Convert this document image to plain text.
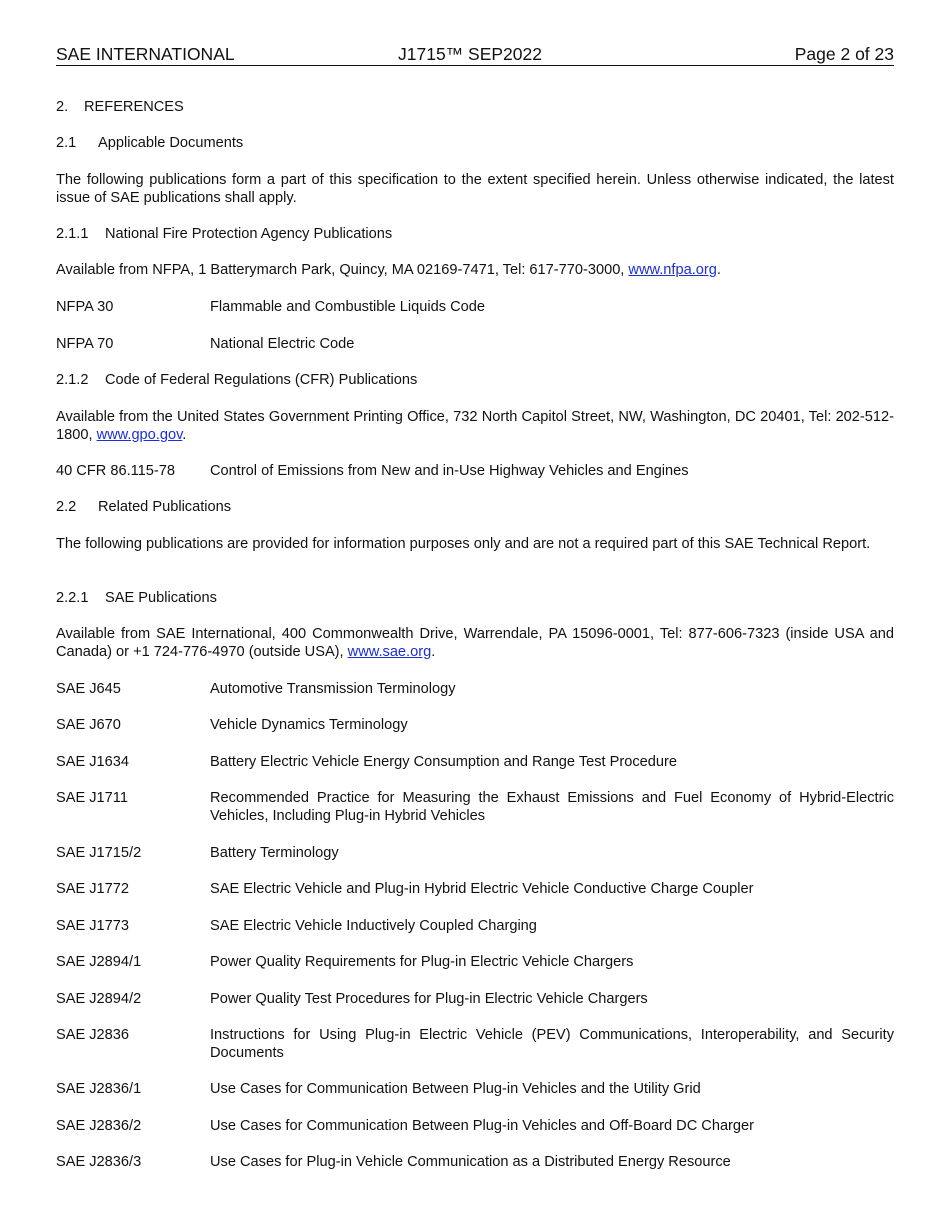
SAE INTERNATIONAL	J1715™ SEP2022	Page 2 of 23
2. REFERENCES
2.1 Applicable Documents
The following publications form a part of this specification to the extent specified herein. Unless otherwise indicated, the latest issue of SAE publications shall apply.
2.1.1 National Fire Protection Agency Publications
Available from NFPA, 1 Batterymarch Park, Quincy, MA 02169-7471, Tel: 617-770-3000, www.nfpa.org.
NFPA 30	Flammable and Combustible Liquids Code
NFPA 70	National Electric Code
2.1.2 Code of Federal Regulations (CFR) Publications
Available from the United States Government Printing Office, 732 North Capitol Street, NW, Washington, DC 20401, Tel: 202-512-1800, www.gpo.gov.
40 CFR 86.115-78	Control of Emissions from New and in-Use Highway Vehicles and Engines
2.2 Related Publications
The following publications are provided for information purposes only and are not a required part of this SAE Technical Report.
2.2.1 SAE Publications
Available from SAE International, 400 Commonwealth Drive, Warrendale, PA 15096-0001, Tel: 877-606-7323 (inside USA and Canada) or +1 724-776-4970 (outside USA), www.sae.org.
SAE J645	Automotive Transmission Terminology
SAE J670	Vehicle Dynamics Terminology
SAE J1634	Battery Electric Vehicle Energy Consumption and Range Test Procedure
SAE J1711	Recommended Practice for Measuring the Exhaust Emissions and Fuel Economy of Hybrid-Electric Vehicles, Including Plug-in Hybrid Vehicles
SAE J1715/2	Battery Terminology
SAE J1772	SAE Electric Vehicle and Plug-in Hybrid Electric Vehicle Conductive Charge Coupler
SAE J1773	SAE Electric Vehicle Inductively Coupled Charging
SAE J2894/1	Power Quality Requirements for Plug-in Electric Vehicle Chargers
SAE J2894/2	Power Quality Test Procedures for Plug-in Electric Vehicle Chargers
SAE J2836	Instructions for Using Plug-in Electric Vehicle (PEV) Communications, Interoperability, and Security Documents
SAE J2836/1	Use Cases for Communication Between Plug-in Vehicles and the Utility Grid
SAE J2836/2	Use Cases for Communication Between Plug-in Vehicles and Off-Board DC Charger
SAE J2836/3	Use Cases for Plug-in Vehicle Communication as a Distributed Energy Resource
